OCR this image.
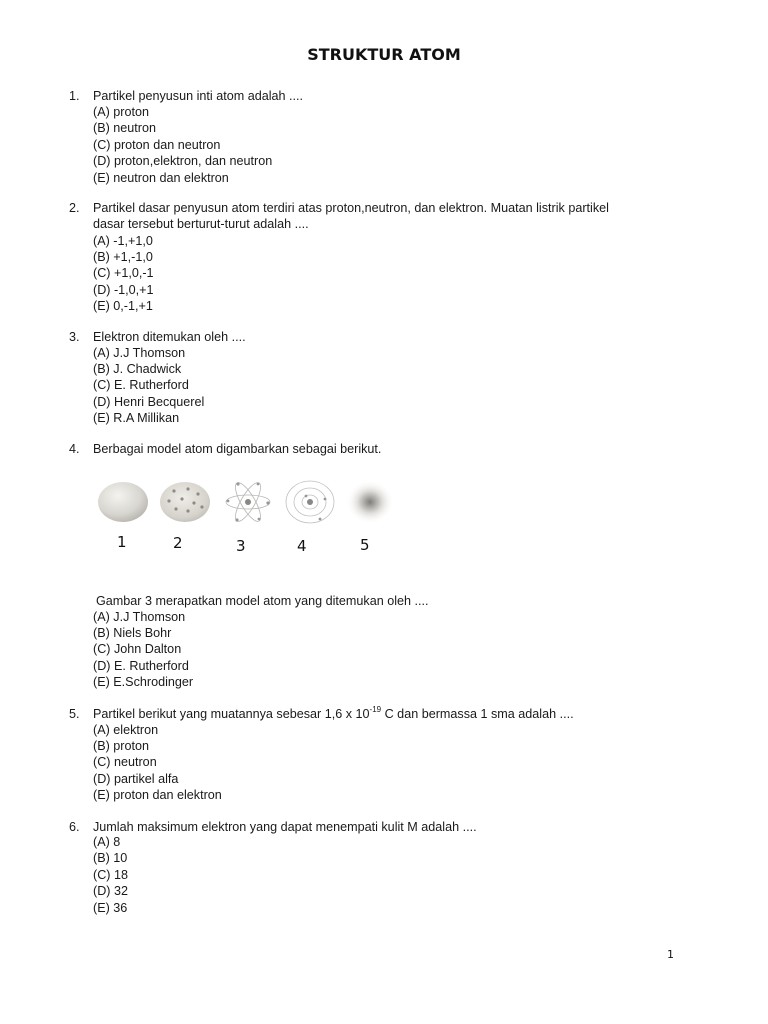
STRUKTUR ATOM
1. Partikel penyusun inti atom adalah ....
(A) proton
(B) neutron
(C) proton dan neutron
(D) proton,elektron, dan neutron
(E) neutron dan elektron
2. Partikel dasar penyusun atom terdiri atas proton,neutron, dan elektron. Muatan listrik partikel
dasar tersebut berturut-turut adalah ....
(A) -1,+1,0
(B) +1,-1,0
(C) +1,0,-1
(D) -1,0,+1
(E) 0,-1,+1
3. Elektron ditemukan oleh ....
(A) J.J Thomson
(B) J. Chadwick
(C) E. Rutherford
(D) Henri Becquerel
(E) R.A Millikan
4. Berbagai model atom digambarkan sebagai berikut.
1	2	3	4	5
Gambar 3 merapatkan model atom yang ditemukan oleh ....
(A) J.J Thomson
(B) Niels Bohr
(C) John Dalton
(D) E. Rutherford
(E) E.Schrodinger
5. Partikel berikut yang muatannya sebesar 1,6 x $10^{-19}$ C dan bermassa 1 sma adalah ....
(A) elektron
(B) proton
(C) neutron
(D) partikel alfa
(E) proton dan elektron
6. Jumlah maksimum elektron yang dapat menempati kulit M adalah ....
(A) 8
(B) 10
(C) 18
(D) 32
(E) 36
1
